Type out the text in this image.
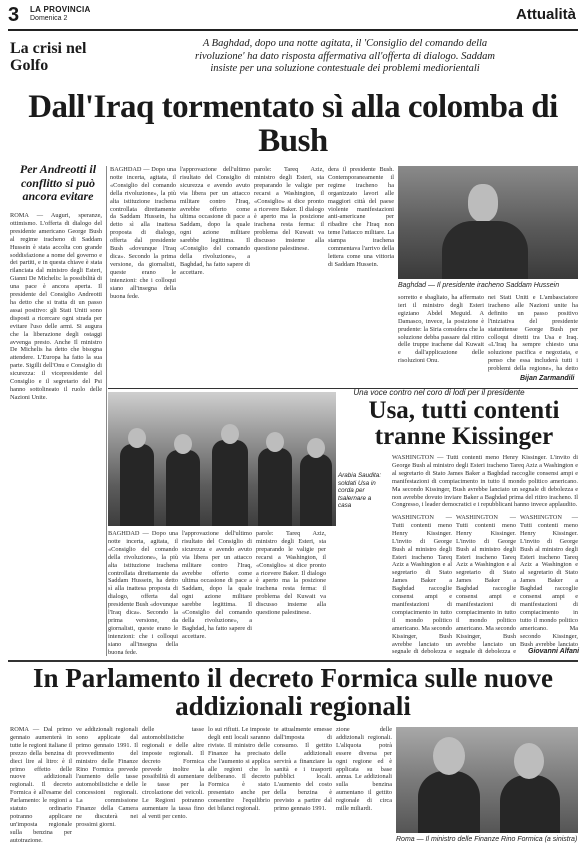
3 LA PROVINCIA
Domenica 2	Attualità
La crisi nel Golfo
A Baghdad, dopo una notte agitata, il 'Consiglio del comando della rivoluzione' ha dato risposta affermativa all'offerta di dialogo. Saddam insiste per una soluzione contestuale dei problemi mediorientali
Dall'Iraq tormentato sì alla colomba di Bush
Per Andreotti il conflitto si può ancora evitare
Baghdad — Il presidente iracheno Saddam Hussein

ROMA — Auguri, speranze, ottimismo. L'offerta di dialogo del presidente americano George Bush al regime iracheno di Saddam Hussein è stata accolta con grande soddisfazione a nome del governo e dei partiti, e in questa chiave è stata rilanciata dal ministro degli Esteri, Gianni De Michelis: la possibilità di una pace è ancora aperta. Il presidente del Consiglio Andreotti ha detto che si tratta di un passo assai positivo: gli Stati Uniti sono disposti a ricercare ogni strada per evitare l'uso delle armi. Si augura che la liberazione degli ostaggi avvenga presto. Anche Il ministro De Michelis ha detto che bisogna attendere. L'Europa ha fatto la sua parte. Sigilli dell'Onu e Consiglio di sicurezza: il vicepresidente del Consiglio e il segretario del Psi hanno sottolineato il ruolo delle Nazioni Unite.

BAGHDAD — Dopo una notte incerta, agitata, il «Consiglio del comando della rivoluzione», la più alta istituzione irachena controllata direttamente da Saddam Hussein, ha detto sì alla inattesa proposta di dialogo, offerta dal presidente Bush «dovunque l'Iraq dica». Secondo la prima versione, da giornalisti, queste erano le intenzioni: che i colloqui siano all'insegna della buona fede.

l'approvazione dell'ultimo risultato del Consiglio di sicurezza e avendo avuto via libera per un attacco militare contro l'Iraq, avrebbe offerto come ultima occasione di pace a Saddam, dopo la quale ogni azione militare sarebbe legittima. Il «Consiglio del comando della rivoluzione», a Baghdad, ha fatto sapere di accettare.

parole: Tareq Aziz, ministro degli Esteri, sta preparando le valigie per recarsi a Washington, il «Consiglio» si dice pronto a ricevere Baker. Il dialogo è aperto ma la posizione irachena resta ferma: il problema del Kuwait va discusso insieme alla questione palestinese.

dera il presidente Bush. Contemporaneamente il regime iracheno ha organizzato lavori alle maggiori città del paese violente manifestazioni anti-americane per ribadire che l'Iraq non teme l'attacco militare. La stampa irachena commentava l'arrivo della lettera come una vittoria di Saddam Hussein.

sorretto e sbagliato, ha affermato ieri il ministro degli Esteri egiziano Abdel Meguid. A Damasco, invece, la posizione è prudente: la Siria considera che la soluzione debba passare dal ritiro delle truppe irachene dal Kuwait e dall'applicazione delle risoluzioni Onu.

nei Stati Uniti e L'ambasciatore iracheno alle Nazioni unite ha definito un passo positivo l'iniziativa del presidente statunitense George Bush per colloqui diretti tra Usa e Iraq. «L'Iraq ha sempre chiesto una soluzione pacifica e negoziata, e penso che essa includerà tutti i problemi della regione», ha detto

Bijan Zarmandili
Arabia Saudita: soldati Usa in corda per tsalernare a casa

BAGHDAD — Dopo una notte incerta, agitata, il «Consiglio del comando della rivoluzione», la più alta istituzione irachena controllata direttamente da Saddam Hussein, ha detto sì alla inattesa proposta di dialogo, offerta dal presidente Bush «dovunque l'Iraq dica». Secondo la prima versione, da giornalisti, queste erano le intenzioni: che i colloqui siano all'insegna della buona fede.

l'approvazione dell'ultimo risultato del Consiglio di sicurezza e avendo avuto via libera per un attacco militare contro l'Iraq, avrebbe offerto come ultima occasione di pace a Saddam, dopo la quale ogni azione militare sarebbe legittima. Il «Consiglio del comando della rivoluzione», a Baghdad, ha fatto sapere di accettare.

parole: Tareq Aziz, ministro degli Esteri, sta preparando le valigie per recarsi a Washington, il «Consiglio» si dice pronto a ricevere Baker. Il dialogo è aperto ma la posizione irachena resta ferma: il problema del Kuwait va discusso insieme alla questione palestinese.

Una voce contro nel coro di lodi per il presidente
Usa, tutti contenti tranne Kissinger

WASHINGTON — Tutti contenti meno Henry Kissinger. L'invito di George Bush al ministro degli Esteri iracheno Tareq Aziz a Washington e al segretario di Stato James Baker a Baghdad raccoglie consensi ampi e manifestazioni di compiacimento in tutto il mondo politico americano. Ma secondo Kissinger, Bush avrebbe lanciato un segnale di debolezza e non avrebbe dovuto inviare Baker a Baghdad prima del ritiro iracheno. Il Congresso, i leader democratici e i repubblicani hanno invece applaudito.

WASHINGTON — Tutti contenti meno Henry Kissinger. L'invito di George Bush al ministro degli Esteri iracheno Tareq Aziz a Washington e al segretario di Stato James Baker a Baghdad raccoglie consensi ampi e manifestazioni di compiacimento in tutto il mondo politico americano. Ma secondo Kissinger, Bush avrebbe lanciato un segnale di debolezza e

WASHINGTON — Tutti contenti meno Henry Kissinger. L'invito di George Bush al ministro degli Esteri iracheno Tareq Aziz a Washington e al segretario di Stato James Baker a Baghdad raccoglie consensi ampi e manifestazioni di compiacimento in tutto il mondo politico americano. Ma secondo Kissinger, Bush avrebbe lanciato un segnale di debolezza e

WASHINGTON — Tutti contenti meno Henry Kissinger. L'invito di George Bush al ministro degli Esteri iracheno Tareq Aziz a Washington e al segretario di Stato James Baker a Baghdad raccoglie consensi ampi e manifestazioni di compiacimento in tutto il mondo politico americano. Ma secondo Kissinger, Bush avrebbe lanciato

Giovanni Alfani
In Parlamento il decreto Formica sulle nuove addizionali regionali

ROMA — Dal primo gennaio aumenterà in tutte le regioni italiane il prezzo della benzina di dieci lire al litro: è il primo effetto delle nuove addizionali regionali. Il decreto Formica è all'esame del Parlamento: le regioni a statuto ordinario potranno applicare un'imposta regionale sulla benzina per autotrazione.

ve addizionali regionali sono applicate dal primo gennaio 1991. Il provvedimento del ministro delle Finanze Rino Formica prevede l'aumento delle tasse automobilistiche e delle concessioni regionali. La commissione Finanze della Camera ne discuterà nei prossimi giorni.

delle tasse automobilistiche regionali e delle altre imposte regionali. Il decreto Formica prevede inoltre la possibilità di aumentare le tasse per la circolazione dei veicoli. Le Regioni potranno aumentare la tassa fino al venti per cento.

lo sui rifiuti. Le imposte degli enti locali saranno riviste. Il ministro delle Finanze ha precisato che l'aumento si applica alle regioni che lo deliberano. Il decreto Formica è stato presentato anche per consentire l'equilibrio dei bilanci regionali.

te attualmente emesse dall'imposta di consumo. Il gettito delle addizionali servirà a finanziare la sanità e i trasporti pubblici locali. L'aumento del costo della benzina è previsto a partire dal primo gennaio 1991.

zione delle addizionali regionali. L'aliquota potrà essere diversa per ogni regione ed è applicata su base annua. Le addizionali sulla benzina aumentano il gettito regionale di circa mille miliardi.

Roma — Il ministro delle Finanze Rino Formica (a sinistra)
